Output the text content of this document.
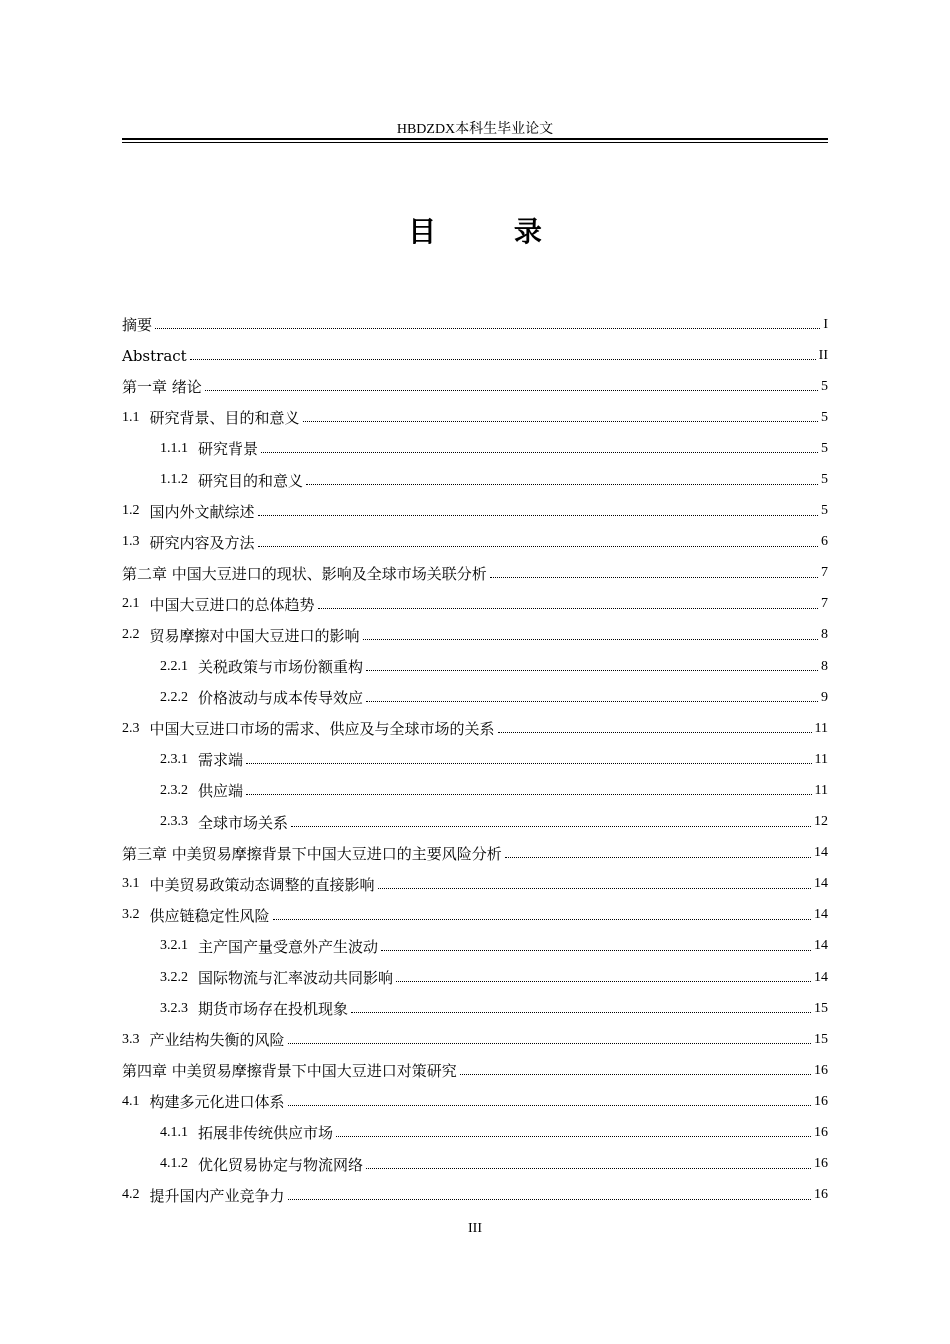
HBDZDX本科生毕业论文
目 录
摘要	I
Abstract	II
第一章 绪论	5
1.1 研究背景、目的和意义	5
1.1.1 研究背景	5
1.1.2 研究目的和意义	5
1.2 国内外文献综述	5
1.3 研究内容及方法	6
第二章 中国大豆进口的现状、影响及全球市场关联分析	7
2.1 中国大豆进口的总体趋势	7
2.2 贸易摩擦对中国大豆进口的影响	8
2.2.1 关税政策与市场份额重构	8
2.2.2 价格波动与成本传导效应	9
2.3 中国大豆进口市场的需求、供应及与全球市场的关系	11
2.3.1 需求端	11
2.3.2 供应端	11
2.3.3 全球市场关系	12
第三章 中美贸易摩擦背景下中国大豆进口的主要风险分析	14
3.1 中美贸易政策动态调整的直接影响	14
3.2 供应链稳定性风险	14
3.2.1 主产国产量受意外产生波动	14
3.2.2 国际物流与汇率波动共同影响	14
3.2.3 期货市场存在投机现象	15
3.3 产业结构失衡的风险	15
第四章 中美贸易摩擦背景下中国大豆进口对策研究	16
4.1 构建多元化进口体系	16
4.1.1 拓展非传统供应市场	16
4.1.2 优化贸易协定与物流网络	16
4.2 提升国内产业竞争力	16
III
